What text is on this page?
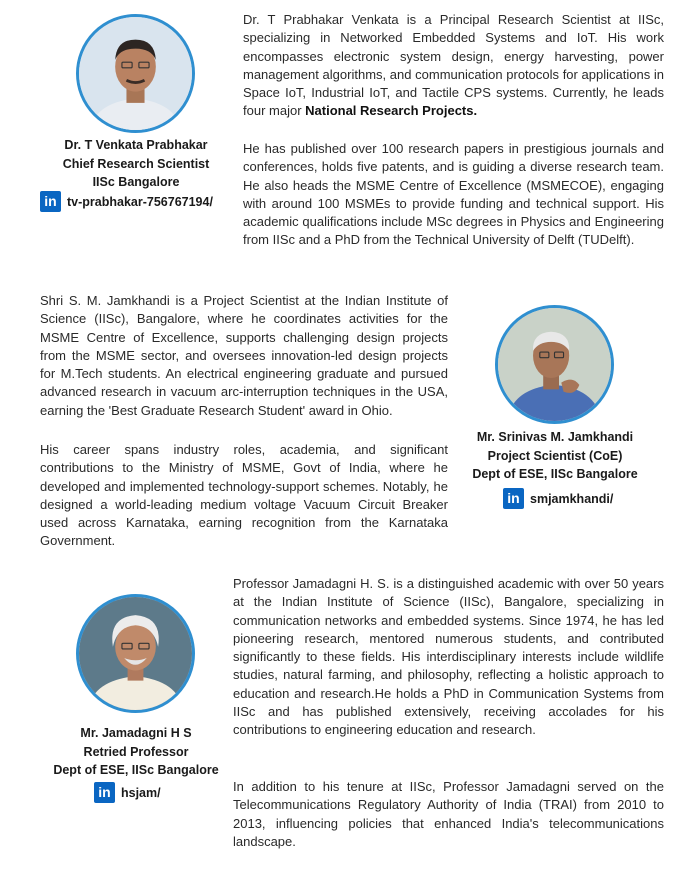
Dr. T Venkata Prabhakar
Chief Research Scientist
IISc Bangalore
in tv-prabhakar-756767194/

Dr. T Prabhakar Venkata is a Principal Research Scientist at IISc, specializing in Networked Embedded Systems and IoT. His work encompasses electronic system design, energy harvesting, power management algorithms, and communication protocols for applications in Space IoT, Industrial IoT, and Tactile CPS systems. Currently, he leads four major National Research Projects.

He has published over 100 research papers in prestigious journals and conferences, holds five patents, and is guiding a diverse research team. He also heads the MSME Centre of Excellence (MSMECOE), engaging with around 100 MSMEs to provide funding and technical support. His academic qualifications include MSc degrees in Physics and Engineering from IISc and a PhD from the Technical University of Delft (TUDelft).

Shri S. M. Jamkhandi is a Project Scientist at the Indian Institute of Science (IISc), Bangalore, where he coordinates activities for the MSME Centre of Excellence, supports challenging design projects from the MSME sector, and oversees innovation-led design projects for M.Tech students. An electrical engineering graduate and pursued advanced research in vacuum arc-interruption techniques in the USA, earning the 'Best Graduate Research Student' award in Ohio.

His career spans industry roles, academia, and significant contributions to the Ministry of MSME, Govt of India, where he developed and implemented technology-support schemes. Notably, he designed a world-leading medium voltage Vacuum Circuit Breaker used across Karnataka, earning recognition from the Karnataka Government.

Mr. Srinivas M. Jamkhandi
Project Scientist (CoE)
Dept of ESE, IISc Bangalore
in smjamkhandi/
Mr. Jamadagni H S
Retried Professor
Dept of ESE, IISc Bangalore
in hsjam/

Professor Jamadagni H. S. is a distinguished academic with over 50 years at the Indian Institute of Science (IISc), Bangalore, specializing in communication networks and embedded systems. Since 1974, he has led pioneering research, mentored numerous students, and contributed significantly to these fields. His interdisciplinary interests include wildlife studies, natural farming, and philosophy, reflecting a holistic approach to education and research.He holds a PhD in Communication Systems from IISc and has published extensively, receiving accolades for his contributions to engineering education and research.

In addition to his tenure at IISc, Professor Jamadagni served on the Telecommunications Regulatory Authority of India (TRAI) from 2010 to 2013, influencing policies that enhanced India's telecommunications landscape.
